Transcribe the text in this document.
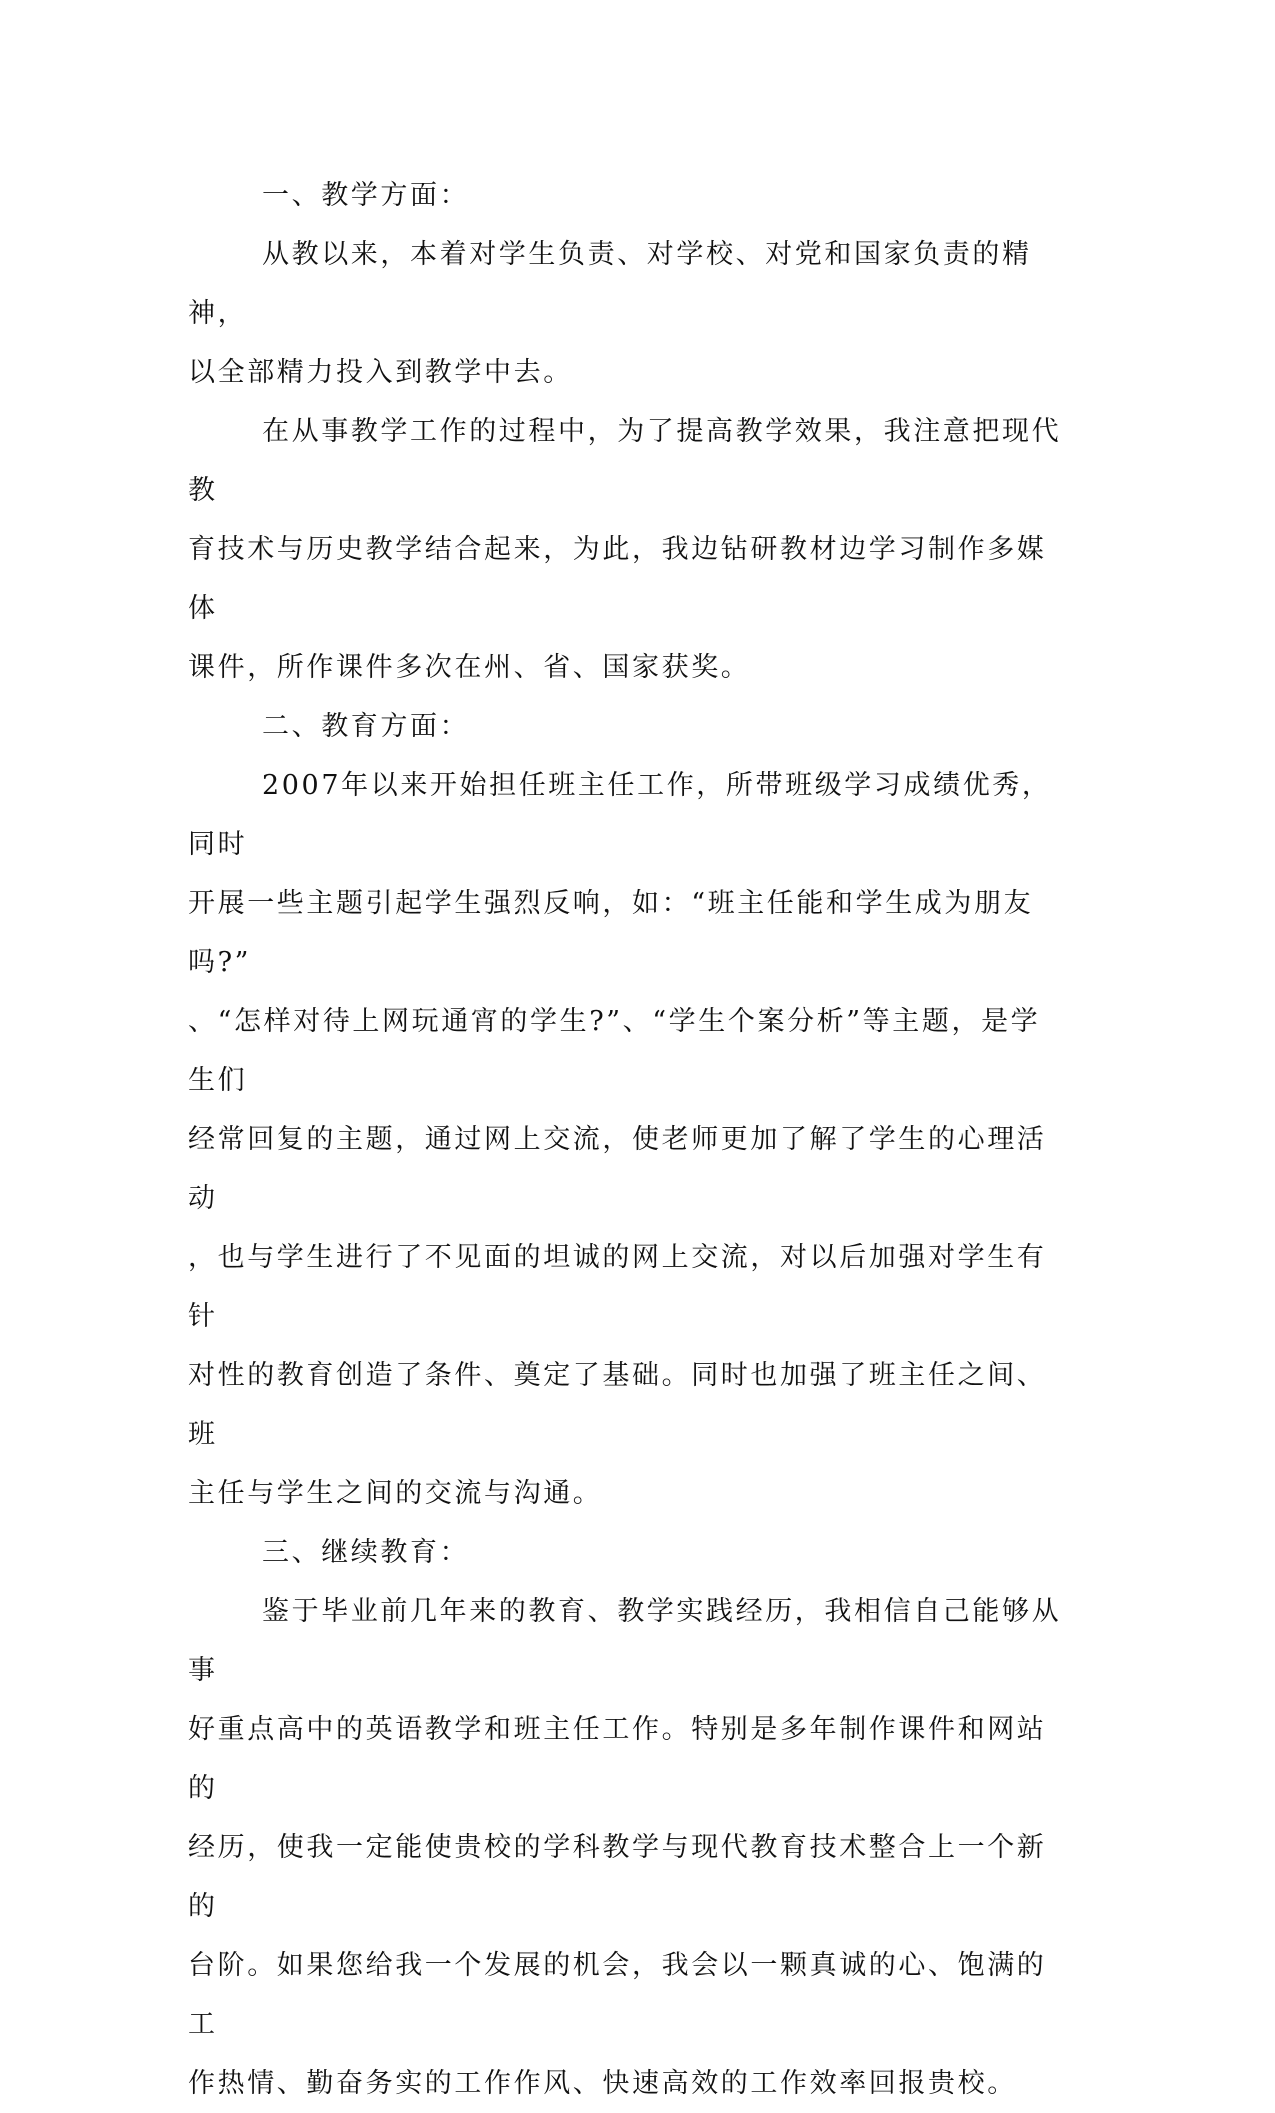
一、教学方面：

从教以来，本着对学生负责、对学校、对党和国家负责的精神，
以全部精力投入到教学中去。

在从事教学工作的过程中，为了提高教学效果，我注意把现代教
育技术与历史教学结合起来，为此，我边钻研教材边学习制作多媒体
课件，所作课件多次在州、省、国家获奖。

二、教育方面：

2007年以来开始担任班主任工作，所带班级学习成绩优秀，同时
开展一些主题引起学生强烈反响，如：“班主任能和学生成为朋友吗?”
、“怎样对待上网玩通宵的学生?”、“学生个案分析”等主题，是学生们
经常回复的主题，通过网上交流，使老师更加了解了学生的心理活动
，也与学生进行了不见面的坦诚的网上交流，对以后加强对学生有针
对性的教育创造了条件、奠定了基础。同时也加强了班主任之间、班
主任与学生之间的交流与沟通。

三、继续教育：

鉴于毕业前几年来的教育、教学实践经历，我相信自己能够从事
好重点高中的英语教学和班主任工作。特别是多年制作课件和网站的
经历，使我一定能使贵校的学科教学与现代教育技术整合上一个新的
台阶。如果您给我一个发展的机会，我会以一颗真诚的心、饱满的工
作热情、勤奋务实的工作作风、快速高效的工作效率回报贵校。
